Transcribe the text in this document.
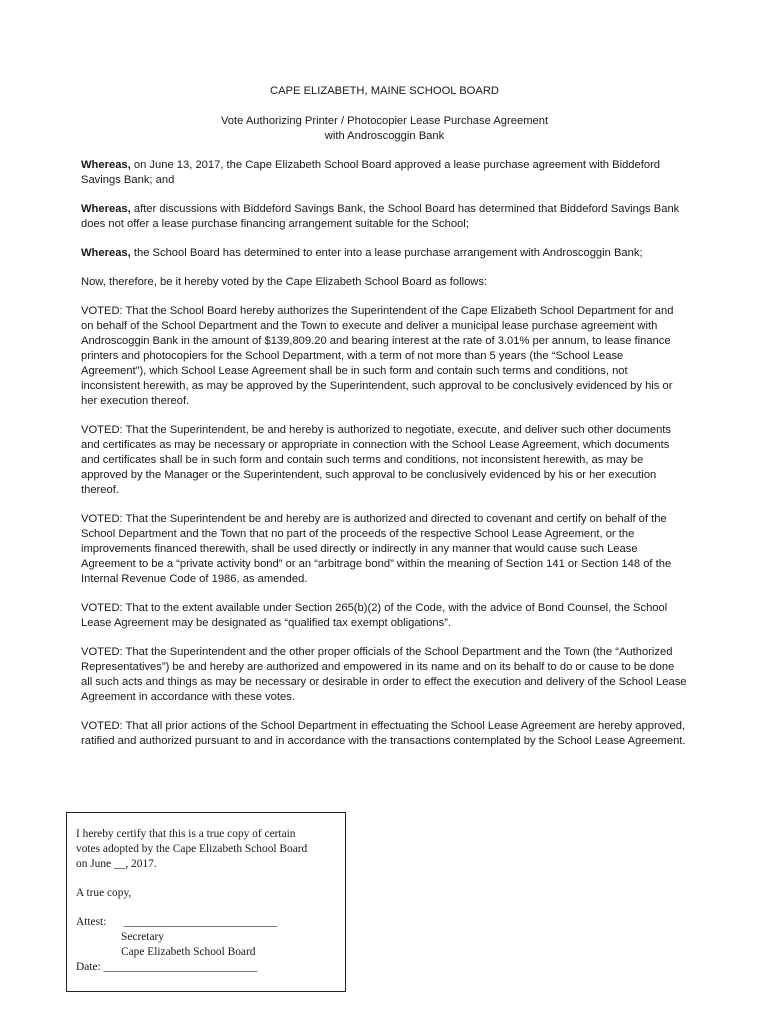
CAPE ELIZABETH, MAINE SCHOOL BOARD
Vote Authorizing Printer / Photocopier Lease Purchase Agreement
with Androscoggin Bank

Whereas, on June 13, 2017, the Cape Elizabeth School Board approved a lease purchase agreement with Biddeford Savings Bank; and

Whereas, after discussions with Biddeford Savings Bank, the School Board has determined that Biddeford Savings Bank does not offer a lease purchase financing arrangement suitable for the School;

Whereas, the School Board has determined to enter into a lease purchase arrangement with Androscoggin Bank;

Now, therefore, be it hereby voted by the Cape Elizabeth School Board as follows:

VOTED: That the School Board hereby authorizes the Superintendent of the Cape Elizabeth School Department for and on behalf of the School Department and the Town to execute and deliver a municipal lease purchase agreement with Androscoggin Bank in the amount of $139,809.20 and bearing interest at the rate of 3.01% per annum, to lease finance printers and photocopiers for the School Department, with a term of not more than 5 years (the “School Lease Agreement”), which School Lease Agreement shall be in such form and contain such terms and conditions, not inconsistent herewith, as may be approved by the Superintendent, such approval to be conclusively evidenced by his or her execution thereof.

VOTED: That the Superintendent, be and hereby is authorized to negotiate, execute, and deliver such other documents and certificates as may be necessary or appropriate in connection with the School Lease Agreement, which documents and certificates shall be in such form and contain such terms and conditions, not inconsistent herewith, as may be approved by the Manager or the Superintendent, such approval to be conclusively evidenced by his or her execution thereof.

VOTED: That the Superintendent be and hereby are is authorized and directed to covenant and certify on behalf of the School Department and the Town that no part of the proceeds of the respective School Lease Agreement, or the improvements financed therewith, shall be used directly or indirectly in any manner that would cause such Lease Agreement to be a “private activity bond” or an “arbitrage bond” within the meaning of Section 141 or Section 148 of the Internal Revenue Code of 1986, as amended.

VOTED: That to the extent available under Section 265(b)(2) of the Code, with the advice of Bond Counsel, the School Lease Agreement may be designated as “qualified tax exempt obligations”.

VOTED: That the Superintendent and the other proper officials of the School Department and the Town (the “Authorized Representatives”) be and hereby are authorized and empowered in its name and on its behalf to do or cause to be done all such acts and things as may be necessary or desirable in order to effect the execution and delivery of the School Lease Agreement in accordance with these votes.

VOTED: That all prior actions of the School Department in effectuating the School Lease Agreement are hereby approved, ratified and authorized pursuant to and in accordance with the transactions contemplated by the School Lease Agreement.

I hereby certify that this is a true copy of certain
votes adopted by the Cape Elizabeth School Board
on June __, 2017.

A true copy,

Attest: ___________________________
Secretary
Cape Elizabeth School Board
Date: ___________________________
